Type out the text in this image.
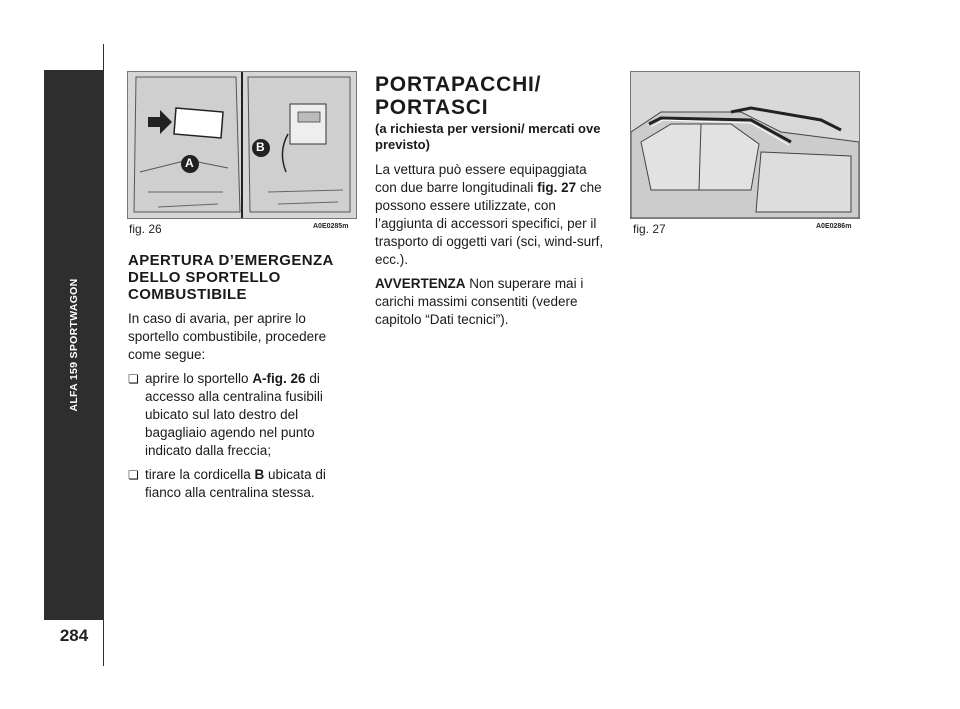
ALFA 159 SPORTWAGON
284
A
B
fig. 26	A0E0285m	fig. 27	A0E0286m
APERTURA D’EMERGENZA
DELLO SPORTELLO
COMBUSTIBILE

In caso di avaria, per aprire lo sportello combustibile, procedere come segue:

❏ aprire lo sportello A-fig. 26 di accesso alla centralina fusibili ubicato sul lato destro del bagagliaio agendo nel punto indicato dalla freccia;
❏ tirare la cordicella B ubicata di fianco alla centralina stessa.
PORTAPACCHI/
PORTASCI

(a richiesta per versioni/ mercati ove previsto)

La vettura può essere equipaggiata con due barre longitudinali fig. 27 che possono essere utilizzate, con l’aggiunta di accessori specifici, per il trasporto di oggetti vari (sci, wind-surf, ecc.).

AVVERTENZA Non superare mai i carichi massimi consentiti (vedere capitolo “Dati tecnici”).
